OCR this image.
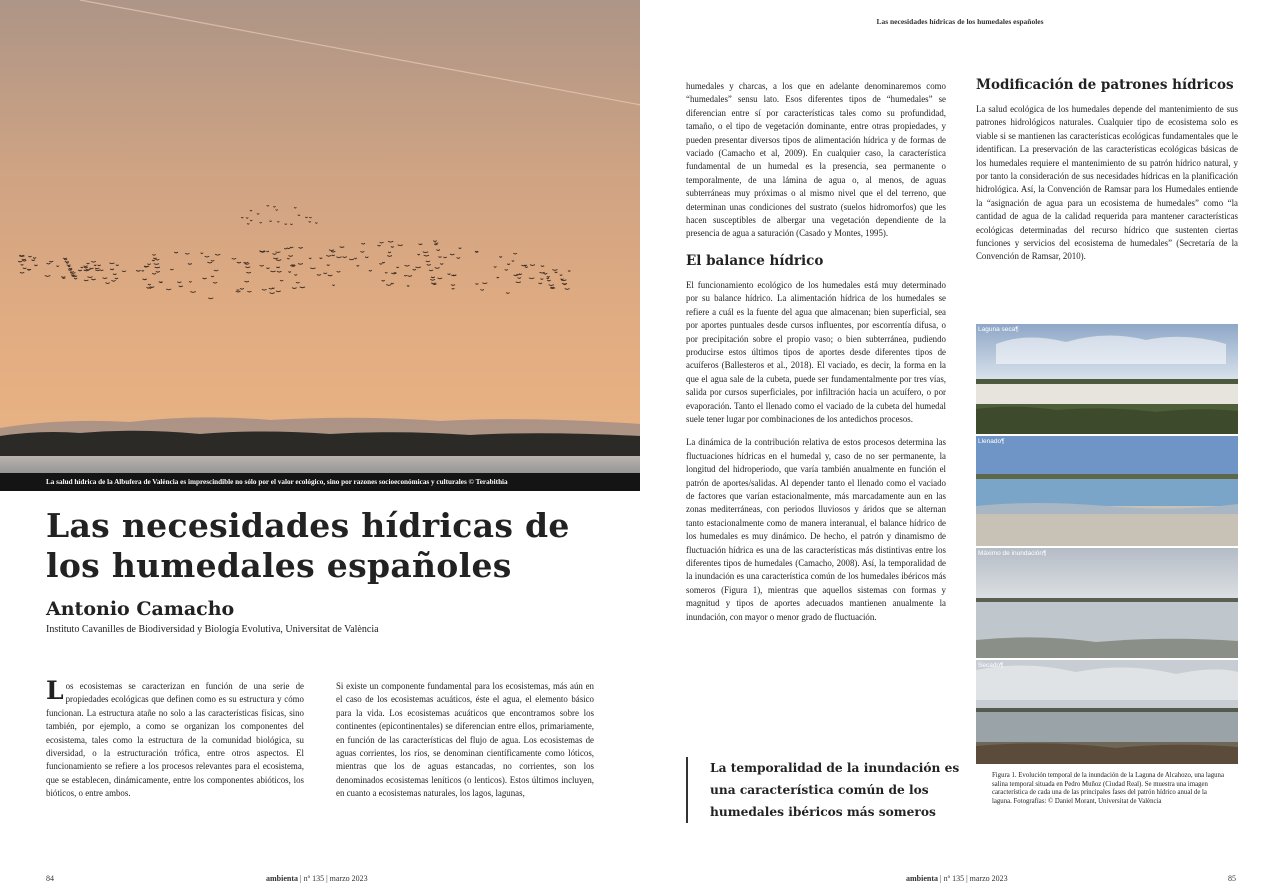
La salud hídrica de la Albufera de València es imprescindible no sólo por el valor ecológico, sino por razones socioeconómicas y culturales © Terabithia
Las necesidades hídricas de los humedales españoles
Antonio Camacho
Instituto Cavanilles de Biodiversidad y Biología Evolutiva, Universitat de València

Los ecosistemas se caracterizan en función de una serie de propiedades ecológicas que definen como es su estructura y cómo funcionan. La estructura atañe no solo a las características físicas, sino también, por ejemplo, a como se organizan los componentes del ecosistema, tales como la estructura de la comunidad biológica, su diversidad, o la estructuración trófica, entre otros aspectos. El funcionamiento se refiere a los procesos relevantes para el ecosistema, que se establecen, dinámicamente, entre los componentes abióticos, los bióticos, o entre ambos.

Si existe un componente fundamental para los ecosistemas, más aún en el caso de los ecosistemas acuáticos, éste el agua, el elemento básico para la vida. Los ecosistemas acuáticos que encontramos sobre los continentes (epicontinentales) se diferencian entre ellos, primariamente, en función de las características del flujo de agua. Los ecosistemas de aguas corrientes, los ríos, se denominan científicamente como lóticos, mientras que los de aguas estancadas, no corrientes, son los denominados ecosistemas leníticos (o lenticos). Estos últimos incluyen, en cuanto a ecosistemas naturales, los lagos, lagunas,

84	ambienta | nº 135 | marzo 2023
Las necesidades hídricas de los humedales españoles

humedales y charcas, a los que en adelante denominaremos como “humedales” sensu lato. Esos diferentes tipos de “humedales” se diferencian entre sí por características tales como su profundidad, tamaño, o el tipo de vegetación dominante, entre otras propiedades, y pueden presentar diversos tipos de alimentación hídrica y de formas de vaciado (Camacho et al, 2009). En cualquier caso, la característica fundamental de un humedal es la presencia, sea permanente o temporalmente, de una lámina de agua o, al menos, de aguas subterráneas muy próximas o al mismo nivel que el del terreno, que determinan unas condiciones del sustrato (suelos hidromorfos) que les hacen susceptibles de albergar una vegetación dependiente de la presencia de agua a saturación (Casado y Montes, 1995).

El balance hídrico

El funcionamiento ecológico de los humedales está muy determinado por su balance hídrico. La alimentación hídrica de los humedales se refiere a cuál es la fuente del agua que almacenan; bien superficial, sea por aportes puntuales desde cursos influentes, por escorrentía difusa, o por precipitación sobre el propio vaso; o bien subterránea, pudiendo producirse estos últimos tipos de aportes desde diferentes tipos de acuíferos (Ballesteros et al., 2018). El vaciado, es decir, la forma en la que el agua sale de la cubeta, puede ser fundamentalmente por tres vías, salida por cursos superficiales, por infiltración hacia un acuífero, o por evaporación. Tanto el llenado como el vaciado de la cubeta del humedal suele tener lugar por combinaciones de los antedichos procesos.

La dinámica de la contribución relativa de estos procesos determina las fluctuaciones hídricas en el humedal y, caso de no ser permanente, la longitud del hidroperiodo, que varía también anualmente en función el patrón de aportes/salidas. Al depender tanto el llenado como el vaciado de factores que varían estacionalmente, más marcadamente aun en las zonas mediterráneas, con periodos lluviosos y áridos que se alternan tanto estacionalmente como de manera interanual, el balance hídrico de los humedales es muy dinámico. De hecho, el patrón y dinamismo de fluctuación hídrica es una de las características más distintivas entre los diferentes tipos de humedales (Camacho, 2008). Así, la temporalidad de la inundación es una característica común de los humedales ibéricos más someros (Figura 1), mientras que aquellos sistemas con formas y magnitud y tipos de aportes adecuados mantienen anualmente la inundación, con mayor o menor grado de fluctuación.

La temporalidad de la inundación es una característica común de los humedales ibéricos más someros
Modificación de patrones hídricos

La salud ecológica de los humedales depende del mantenimiento de sus patrones hidrológicos naturales. Cualquier tipo de ecosistema solo es viable si se mantienen las características ecológicas fundamentales que le identifican. La preservación de las características ecológicas básicas de los humedales requiere el mantenimiento de su patrón hídrico natural, y por tanto la consideración de sus necesidades hídricas en la planificación hidrológica. Así, la Convención de Ramsar para los Humedales entiende la “asignación de agua para un ecosistema de humedales” como “la cantidad de agua de la calidad requerida para mantener características ecológicas determinadas del recurso hídrico que sustenten ciertas funciones y servicios del ecosistema de humedales” (Secretaría de la Convención de Ramsar, 2010).

Laguna seca¶
Llenado¶
Máximo de inundación¶
Secado¶
Figura 1. Evolución temporal de la inundación de la Laguna de Alcahozo, una laguna salina temporal situada en Pedro Muñoz (Ciudad Real). Se muestra una imagen característica de cada una de las principales fases del patrón hídrico anual de la laguna. Fotografías: © Daniel Morant, Universitat de València
ambienta | nº 135 | marzo 2023	85
